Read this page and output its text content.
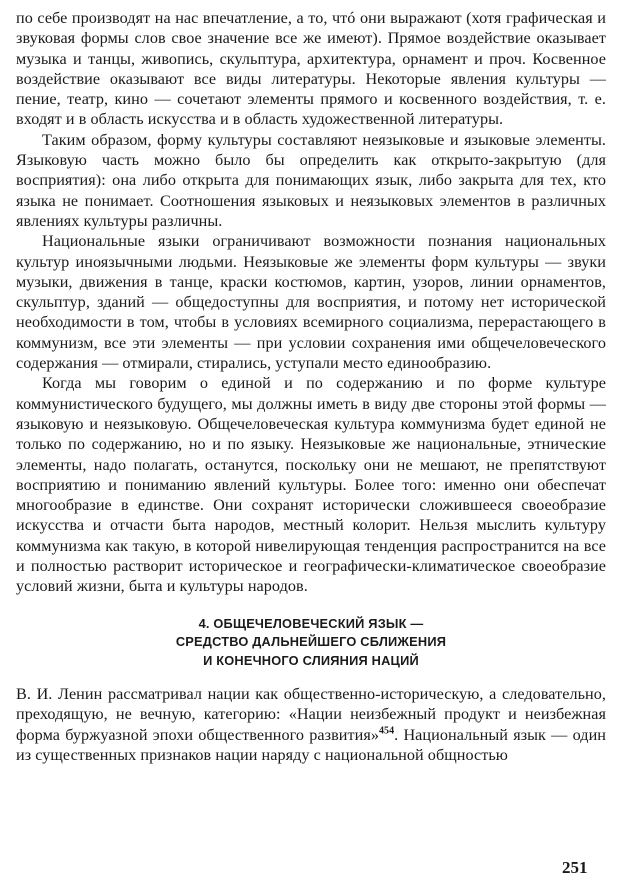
по себе производят на нас впечатление, а то, чтó они выражают (хотя графическая и звуковая формы слов свое значение все же имеют). Прямое воздействие оказывает музыка и танцы, живопись, скульптура, архитектура, орнамент и проч. Косвенное воздействие оказывают все виды литературы. Некоторые явления культуры — пение, театр, кино — сочетают элементы прямого и косвенного воздействия, т. е. входят и в область искусства и в область художественной литературы.

Таким образом, форму культуры составляют неязыковые и языковые элементы. Языковую часть можно было бы определить как открыто-закрытую (для восприятия): она либо открыта для понимающих язык, либо закрыта для тех, кто языка не понимает. Соотношения языковых и неязыковых элементов в различных явлениях культуры различны.

Национальные языки ограничивают возможности познания национальных культур иноязычными людьми. Неязыковые же элементы форм культуры — звуки музыки, движения в танце, краски костюмов, картин, узоров, линии орнаментов, скульптур, зданий — общедоступны для восприятия, и потому нет исторической необходимости в том, чтобы в условиях всемирного социализма, перерастающего в коммунизм, все эти элементы — при условии сохранения ими общечеловеческого содержания — отмирали, стирались, уступали место единообразию.

Когда мы говорим о единой и по содержанию и по форме культуре коммунистического будущего, мы должны иметь в виду две стороны этой формы — языковую и неязыковую. Общечеловеческая культура коммунизма будет единой не только по содержанию, но и по языку. Неязыковые же национальные, этнические элементы, надо полагать, останутся, поскольку они не мешают, не препятствуют восприятию и пониманию явлений культуры. Более того: именно они обеспечат многообразие в единстве. Они сохранят исторически сложившееся своеобразие искусства и отчасти быта народов, местный колорит. Нельзя мыслить культуру коммунизма как такую, в которой нивелирующая тенденция распространится на все и полностью растворит историческое и географически-климатическое своеобразие условий жизни, быта и культуры народов.

4. ОБЩЕЧЕЛОВЕЧЕСКИЙ ЯЗЫК —
СРЕДСТВО ДАЛЬНЕЙШЕГО СБЛИЖЕНИЯ
И КОНЕЧНОГО СЛИЯНИЯ НАЦИЙ

В. И. Ленин рассматривал нации как общественно-историческую, а следовательно, преходящую, не вечную, категорию: «Нации неизбежный продукт и неизбежная форма буржуазной эпохи общественного развития»$^{454}$. Национальный язык — один из существенных признаков нации наряду с национальной общностью

251
